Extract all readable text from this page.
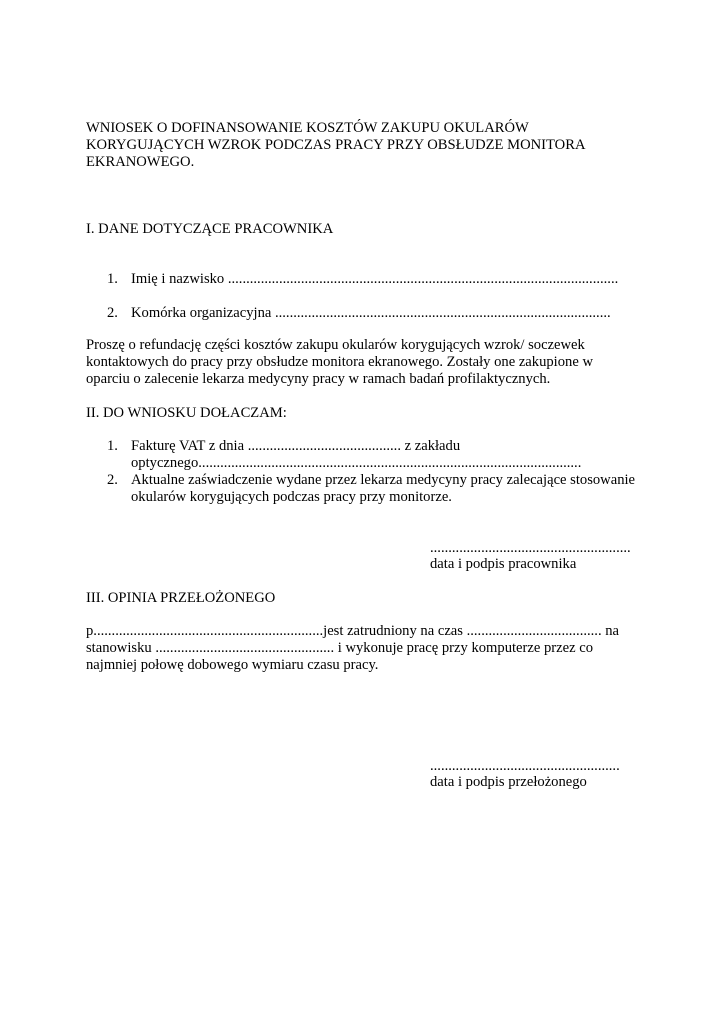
WNIOSEK O DOFINANSOWANIE KOSZTÓW ZAKUPU OKULARÓW
KORYGUJĄCYCH WZROK PODCZAS PRACY PRZY OBSŁUDZE MONITORA
EKRANOWEGO.
I. DANE DOTYCZĄCE PRACOWNIKA
1. Imię i nazwisko ...........................................................................................................
2. Komórka organizacyjna ............................................................................................
Proszę o refundację części kosztów zakupu okularów korygujących wzrok/ soczewek
kontaktowych do pracy przy obsłudze monitora ekranowego. Zostały one zakupione w
oparciu o zalecenie lekarza medycyny pracy w ramach badań profilaktycznych.
II. DO WNIOSKU DOŁACZAM:
1. Fakturę VAT z dnia .......................................... z zakładu
optycznego.........................................................................................................
2. Aktualne zaświadczenie wydane przez lekarza medycyny pracy zalecające stosowanie
okularów korygujących podczas pracy przy monitorze.
.......................................................
data i podpis pracownika
III. OPINIA PRZEŁOŻONEGO
p...............................................................jest zatrudniony na czas ..................................... na
stanowisku ................................................. i wykonuje pracę przy komputerze przez co
najmniej połowę dobowego wymiaru czasu pracy.
....................................................
data i podpis przełożonego
